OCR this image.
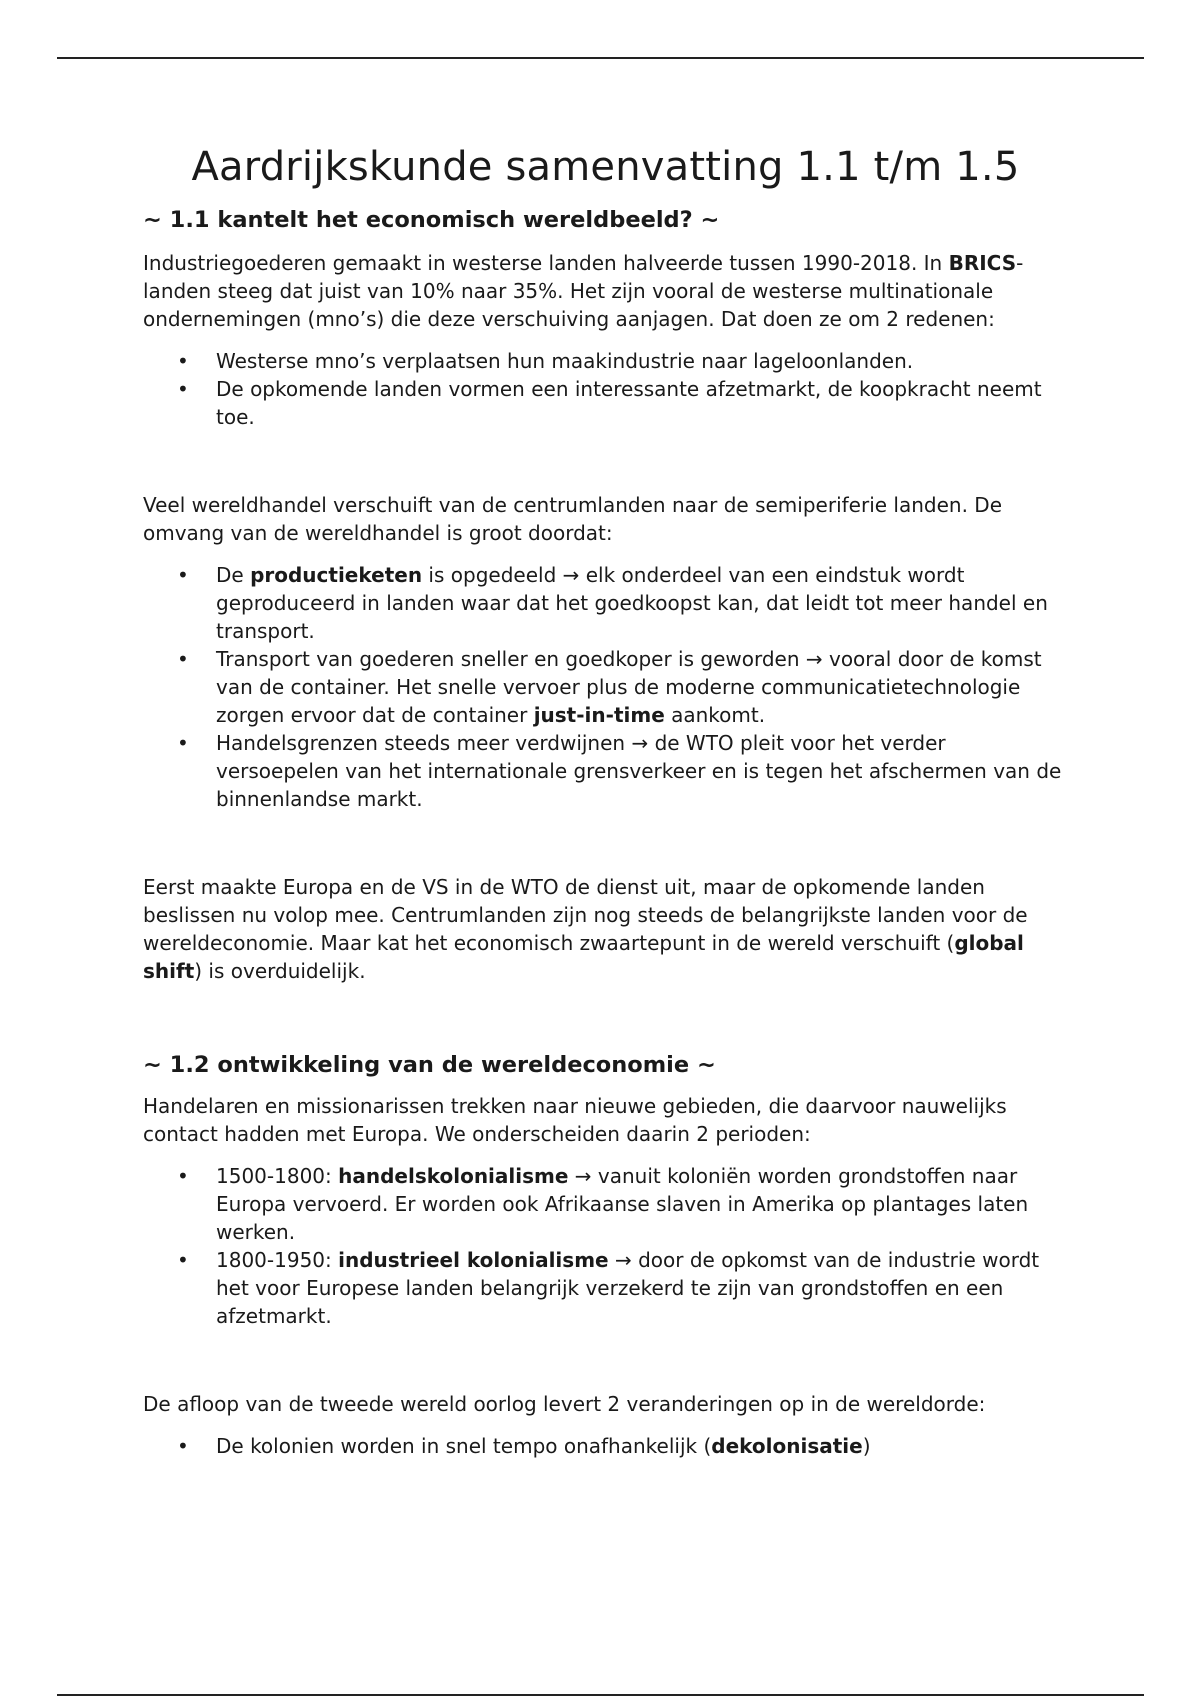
Aardrijkskunde samenvatting 1.1 t/m 1.5
~ 1.1 kantelt het economisch wereldbeeld? ~

Industriegoederen gemaakt in westerse landen halveerde tussen 1990-2018. In BRICS-landen steeg dat juist van 10% naar 35%. Het zijn vooral de westerse multinationale ondernemingen (mno’s) die deze verschuiving aanjagen. Dat doen ze om 2 redenen:

• Westerse mno’s verplaatsen hun maakindustrie naar lageloonlanden.
• De opkomende landen vormen een interessante afzetmarkt, de koopkracht neemt toe.

Veel wereldhandel verschuift van de centrumlanden naar de semiperiferie landen. De omvang van de wereldhandel is groot doordat:

• De productieketen is opgedeeld → elk onderdeel van een eindstuk wordt geproduceerd in landen waar dat het goedkoopst kan, dat leidt tot meer handel en transport.
• Transport van goederen sneller en goedkoper is geworden → vooral door de komst van de container. Het snelle vervoer plus de moderne communicatietechnologie zorgen ervoor dat de container just-in-time aankomt.
• Handelsgrenzen steeds meer verdwijnen → de WTO pleit voor het verder versoepelen van het internationale grensverkeer en is tegen het afschermen van de binnenlandse markt.

Eerst maakte Europa en de VS in de WTO de dienst uit, maar de opkomende landen beslissen nu volop mee. Centrumlanden zijn nog steeds de belangrijkste landen voor de wereldeconomie. Maar kat het economisch zwaartepunt in de wereld verschuift (global shift) is overduidelijk.

~ 1.2 ontwikkeling van de wereldeconomie ~

Handelaren en missionarissen trekken naar nieuwe gebieden, die daarvoor nauwelijks contact hadden met Europa. We onderscheiden daarin 2 perioden:

• 1500-1800: handelskolonialisme → vanuit koloniën worden grondstoffen naar Europa vervoerd. Er worden ook Afrikaanse slaven in Amerika op plantages laten werken.
• 1800-1950: industrieel kolonialisme → door de opkomst van de industrie wordt het voor Europese landen belangrijk verzekerd te zijn van grondstoffen en een afzetmarkt.

De afloop van de tweede wereld oorlog levert 2 veranderingen op in de wereldorde:

• De kolonien worden in snel tempo onafhankelijk (dekolonisatie)
